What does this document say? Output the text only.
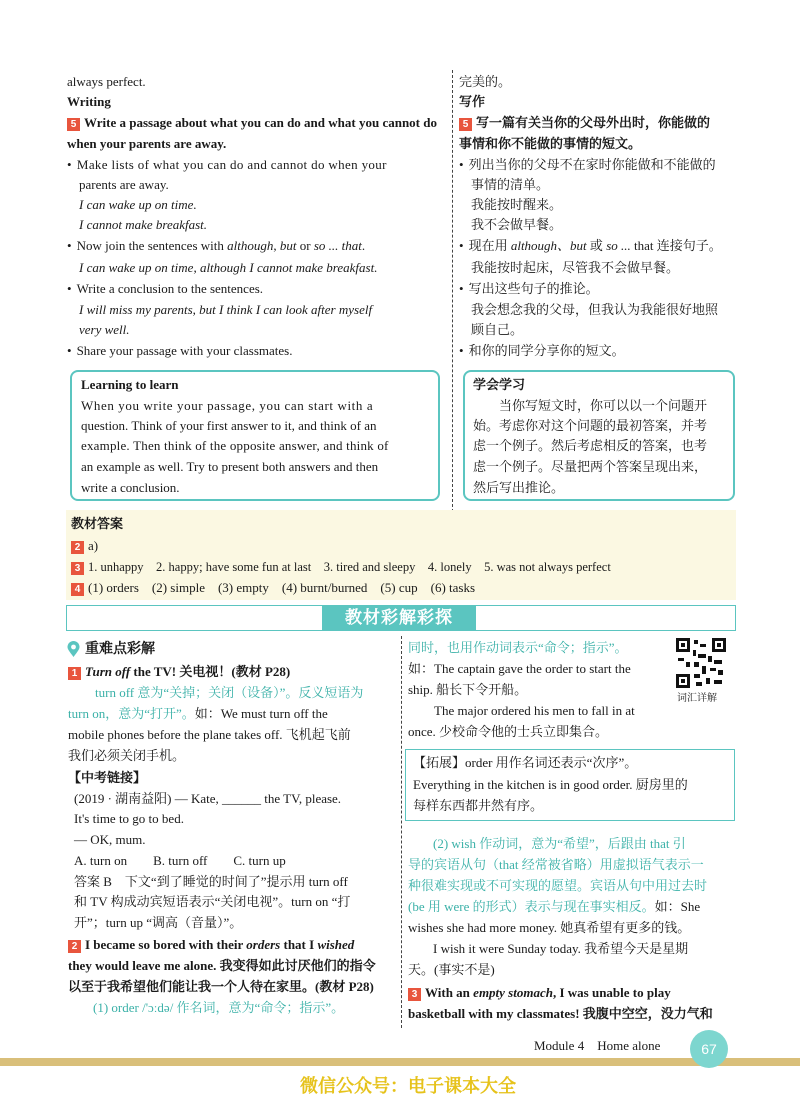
always perfect.
Writing
5 Write a passage about what you can do and what you cannot do
when your parents are away.
• Make lists of what you can do and cannot do when your
parents are away.
I can wake up on time.
I cannot make breakfast.
• Now join the sentences with although, but or so ... that.
I can wake up on time, although I cannot make breakfast.
• Write a conclusion to the sentences.
I will miss my parents, but I think I can look after myself
very well.
• Share your passage with your classmates.
Learning to learn
When you write your passage, you can start with a
question. Think of your first answer to it, and think of an
example. Then think of the opposite answer, and think of
an example as well. Try to present both answers and then
write a conclusion.
完美的。
写作
5 写一篇有关当你的父母外出时，你能做的
事情和你不能做的事情的短文。
• 列出当你的父母不在家时你能做和不能做的
事情的清单。
我能按时醒来。
我不会做早餐。
• 现在用 although、but 或 so ... that 连接句子。
我能按时起床，尽管我不会做早餐。
• 写出这些句子的推论。
我会想念我的父母，但我认为我能很好地照
顾自己。
• 和你的同学分享你的短文。
学会学习
当你写短文时，你可以以一个问题开
始。考虑你对这个问题的最初答案，并考
虑一个例子。然后考虑相反的答案，也考
虑一个例子。尽量把两个答案呈现出来，
然后写出推论。
教材答案
2 a)
3 1. unhappy　2. happy; have some fun at last　3. tired and sleepy　4. lonely　5. was not always perfect
4 (1) orders　(2) simple　(3) empty　(4) burnt/burned　(5) cup　(6) tasks
教材彩解彩探
重难点彩解
1 Turn off the TV! 关电视！(教材 P28)
turn off 意为“关掉；关闭（设备）”。反义短语为
turn on，意为“打开”。如：We must turn off the
mobile phones before the plane takes off. 飞机起飞前
我们必须关闭手机。
【中考链接】
(2019 · 湖南益阳) — Kate, ______ the TV, please.
It's time to go to bed.
— OK, mum.
A. turn on　　B. turn off　　C. turn up
答案 B　下文“到了睡觉的时间了”提示用 turn off
和 TV 构成动宾短语表示“关闭电视”。turn on “打
开”；turn up “调高（音量）”。
2 I became so bored with their orders that I wished
they would leave me alone. 我变得如此讨厌他们的指令
以至于我希望他们能让我一个人待在家里。(教材 P28)
(1) order /'ɔːdə/ 作名词，意为“命令；指示”。
同时，也用作动词表示“命令；指示”。
如：The captain gave the order to start the
ship. 船长下令开船。
The major ordered his men to fall in at
once. 少校命令他的士兵立即集合。
词汇详解
【拓展】order 用作名词还表示“次序”。
Everything in the kitchen is in good order. 厨房里的
每样东西都井然有序。
(2) wish 作动词，意为“希望”，后跟由 that 引
导的宾语从句（that 经常被省略）用虚拟语气表示一
种很难实现或不可实现的愿望。宾语从句中用过去时
(be 用 were 的形式）表示与现在事实相反。如：She
wishes she had more money. 她真希望有更多的钱。
I wish it were Sunday today. 我希望今天是星期
天。(事实不是)
3 With an empty stomach, I was unable to play
basketball with my classmates! 我腹中空空，没力气和
Module 4　Home alone	67
微信公众号：电子课本大全
